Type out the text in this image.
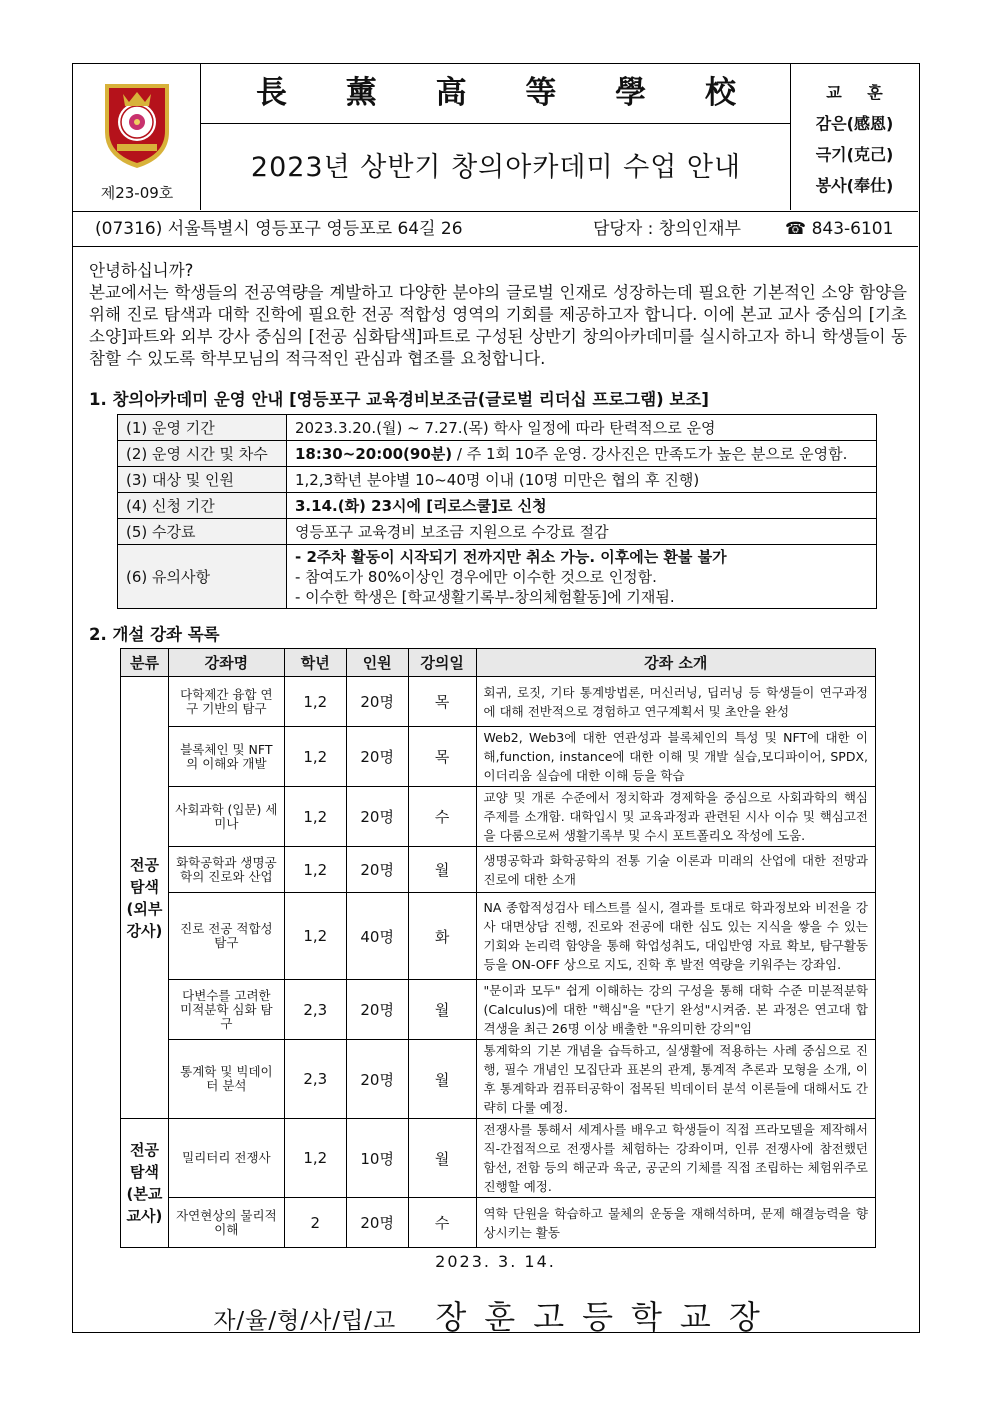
제23-09호
長 薰 高 等 學 校
2023년 상반기 창의아카데미 수업 안내
교 훈
감은(感恩)
극기(克己)
봉사(奉仕)
(07316) 서울특별시 영등포구 영등포로 64길 26	담당자 : 창의인재부	☎ 843-6101
안녕하십니까?
본교에서는 학생들의 전공역량을 계발하고 다양한 분야의 글로벌 인재로 성장하는데 필요한 기본적인 소양 함양을 위해 진로 탐색과 대학 진학에 필요한 전공 적합성 영역의 기회를 제공하고자 합니다. 이에 본교 교사 중심의 [기초 소양]파트와 외부 강사 중심의 [전공 심화탐색]파트로 구성된 상반기 창의아카데미를 실시하고자 하니 학생들이 동참할 수 있도록 학부모님의 적극적인 관심과 협조를 요청합니다.
1. 창의아카데미 운영 안내 [영등포구 교육경비보조금(글로벌 리더십 프로그램) 보조]
(1) 운영 기간	2023.3.20.(월) ~ 7.27.(목) 학사 일정에 따라 탄력적으로 운영
(2) 운영 시간 및 차수	18:30~20:00(90분) / 주 1회 10주 운영. 강사진은 만족도가 높은 분으로 운영함.
(3) 대상 및 인원	1,2,3학년 분야별 10~40명 이내 (10명 미만은 협의 후 진행)
(4) 신청 기간	3.14.(화) 23시에 [리로스쿨]로 신청
(5) 수강료	영등포구 교육경비 보조금 지원으로 수강료 절감
(6) 유의사항	- 2주차 활동이 시작되기 전까지만 취소 가능. 이후에는 환불 불가
- 참여도가 80%이상인 경우에만 이수한 것으로 인정함.
- 이수한 학생은 [학교생활기록부-창의체험활동]에 기재됨.
2. 개설 강좌 목록
분류	강좌명	학년	인원	강의일	강좌 소개
전공 탐색 (외부 강사)	다학제간 융합 연구 기반의 탐구	1,2	20명	목	회귀, 로짓, 기타 통계방법론, 머신러닝, 딥러닝 등 학생들이 연구과정에 대해 전반적으로 경험하고 연구계획서 및 초안을 완성
	블록체인 및 NFT의 이해와 개발	1,2	20명	목	Web2, Web3에 대한 연관성과 블록체인의 특성 및 NFT에 대한 이해,function, instance에 대한 이해 및 개발 실습,모디파이어, SPDX, 이더리움 실습에 대한 이해 등을 학습
	사회과학 (입문) 세미나	1,2	20명	수	교양 및 개론 수준에서 정치학과 경제학을 중심으로 사회과학의 핵심 주제를 소개함. 대학입시 및 교육과정과 관련된 시사 이슈 및 핵심고전을 다룸으로써 생활기록부 및 수시 포트폴리오 작성에 도움.
	화학공학과 생명공학의 진로와 산업	1,2	20명	월	생명공학과 화학공학의 전통 기술 이론과 미래의 산업에 대한 전망과 진로에 대한 소개
	진로 전공 적합성 탐구	1,2	40명	화	NA 종합적성검사 테스트를 실시, 결과를 토대로 학과정보와 비전을 강사 대면상담 진행, 진로와 전공에 대한 심도 있는 지식을 쌓을 수 있는 기회와 논리력 함양을 통해 학업성취도, 대입반영 자료 확보, 탐구활동 등을 ON-OFF 상으로 지도, 진학 후 발전 역량을 키워주는 강좌임.
	다변수를 고려한 미적분학 심화 탐구	2,3	20명	월	"문이과 모두" 쉽게 이해하는 강의 구성을 통해 대학 수준 미분적분학(Calculus)에 대한 "핵심"을 "단기 완성"시켜줌. 본 과정은 연고대 합격생을 최근 26명 이상 배출한 "유의미한 강의"임
	통계학 및 빅데이터 분석	2,3	20명	월	통계학의 기본 개념을 습득하고, 실생활에 적용하는 사례 중심으로 진행, 필수 개념인 모집단과 표본의 관계, 통계적 추론과 모형을 소개, 이후 통계학과 컴퓨터공학이 접목된 빅데이터 분석 이론들에 대해서도 간략히 다룰 예정.
전공 탐색 (본교 교사)	밀리터리 전쟁사	1,2	10명	월	전쟁사를 통해서 세계사를 배우고 학생들이 직접 프라모델을 제작해서 직-간접적으로 전쟁사를 체험하는 강좌이며, 인류 전쟁사에 참전했던 함선, 전함 등의 해군과 육군, 공군의 기체를 직접 조립하는 체험위주로 진행할 예정.
	자연현상의 물리적 이해	2	20명	수	역학 단원을 학습하고 물체의 운동을 재해석하며, 문제 해결능력을 향상시키는 활동
2023. 3. 14.
자/율/형/사/립/고 장훈고등학교장
